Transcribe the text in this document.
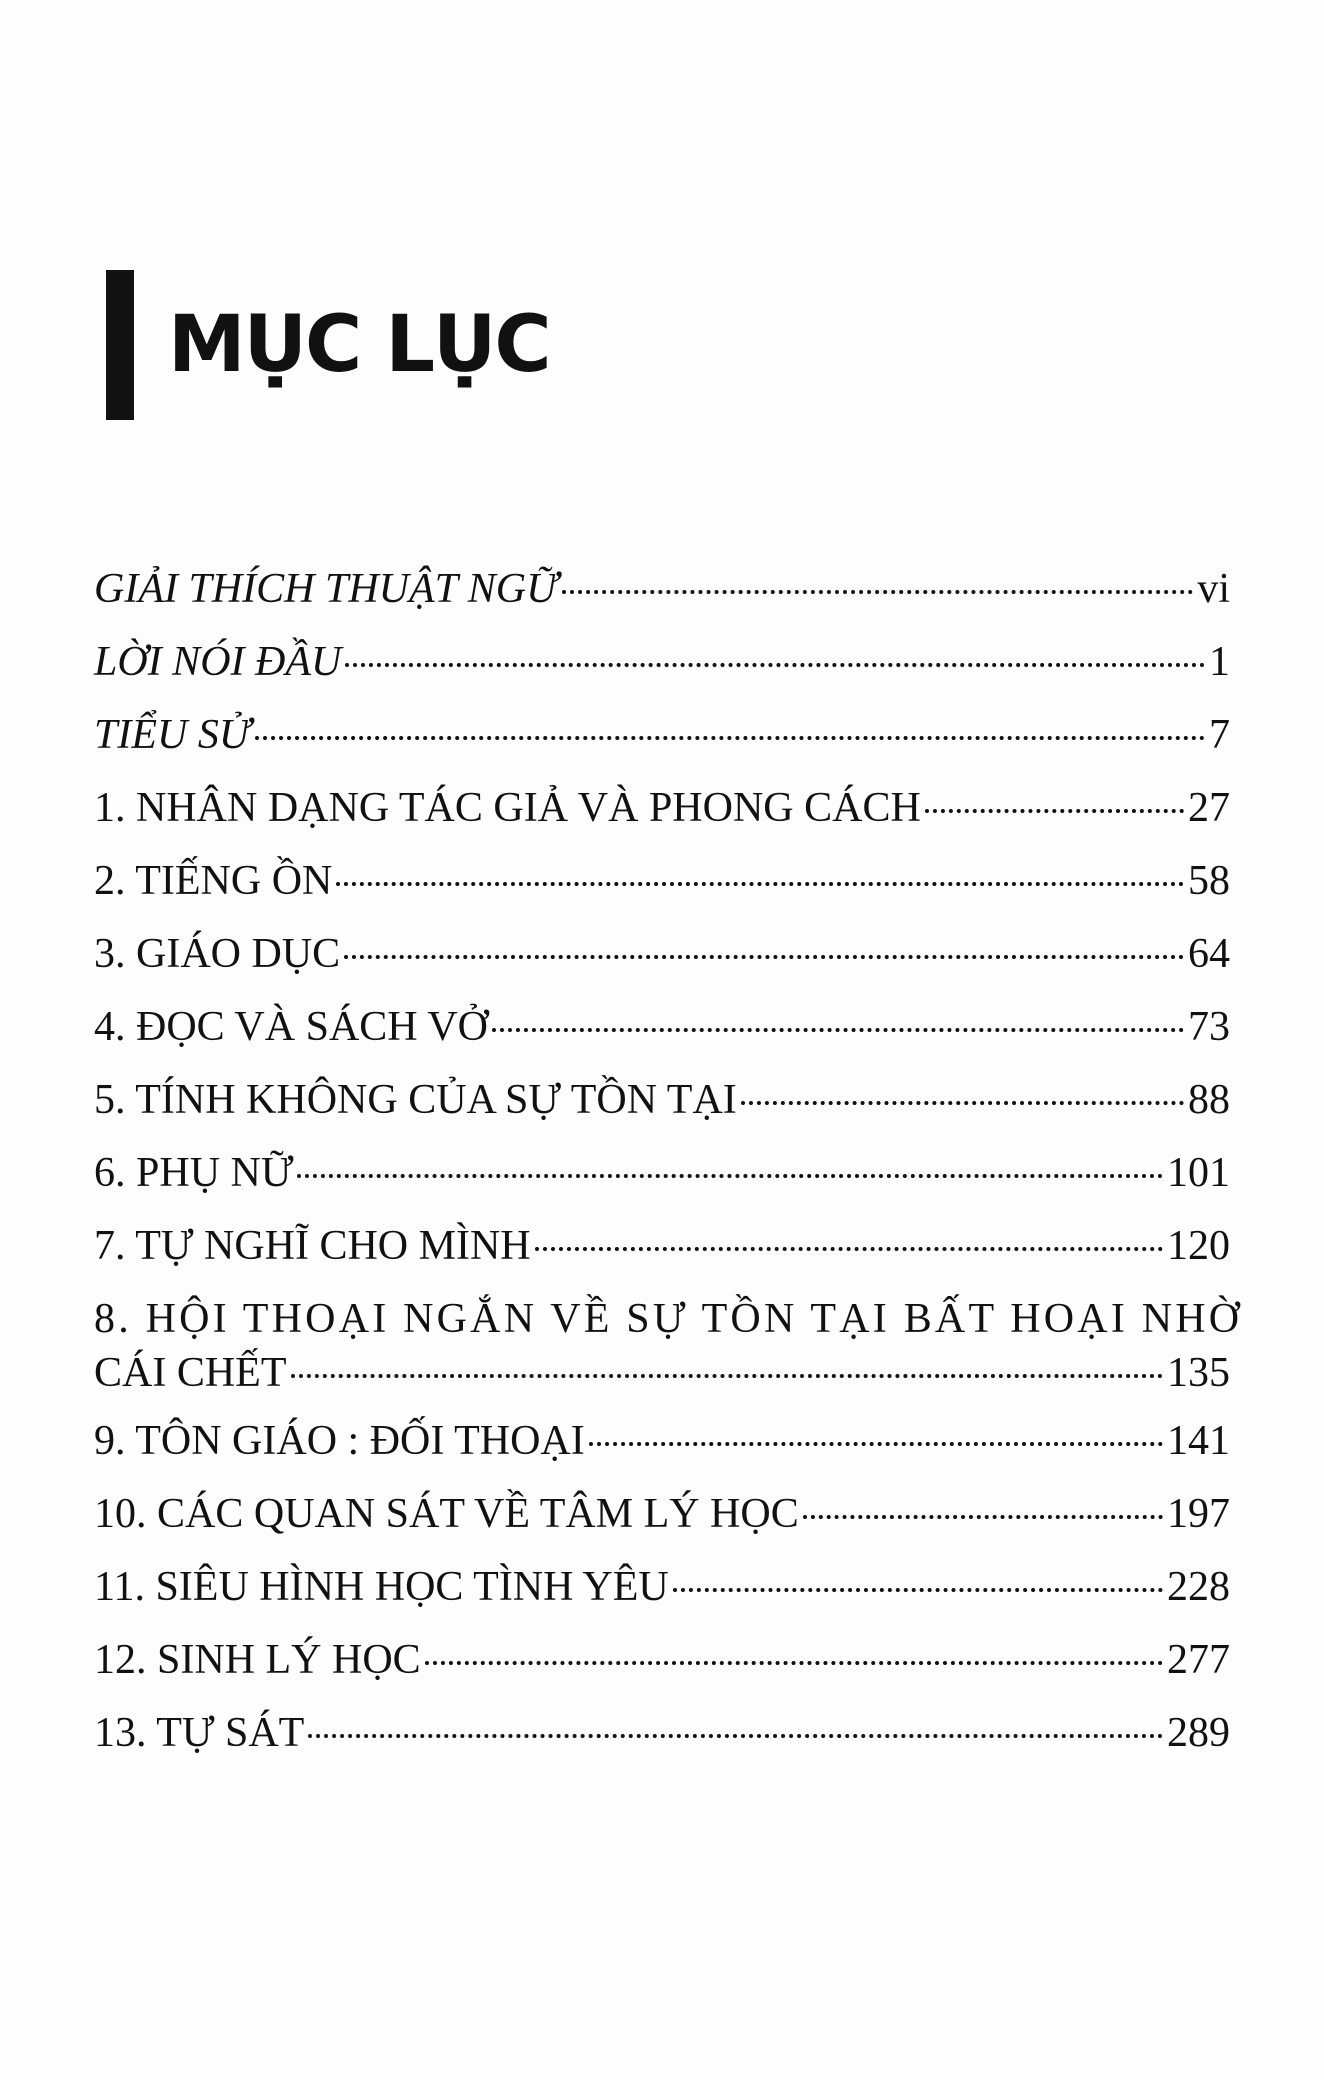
MỤC LỤC
GIẢI THÍCH THUẬT NGỮ	vi
LỜI NÓI ĐẦU	1
TIỂU SỬ	7
1. NHÂN DẠNG TÁC GIẢ VÀ PHONG CÁCH	27
2. TIẾNG ỒN	58
3. GIÁO DỤC	64
4. ĐỌC VÀ SÁCH VỞ	73
5. TÍNH KHÔNG CỦA SỰ TỒN TẠI	88
6. PHỤ NỮ	101
7. TỰ NGHĨ CHO MÌNH	120
8. HỘI THOẠI NGẮN VỀ SỰ TỒN TẠI BẤT HOẠI NHỜ
CÁI CHẾT	135
9. TÔN GIÁO : ĐỐI THOẠI	141
10. CÁC QUAN SÁT VỀ TÂM LÝ HỌC	197
11. SIÊU HÌNH HỌC TÌNH YÊU	228
12. SINH LÝ HỌC	277
13. TỰ SÁT	289
